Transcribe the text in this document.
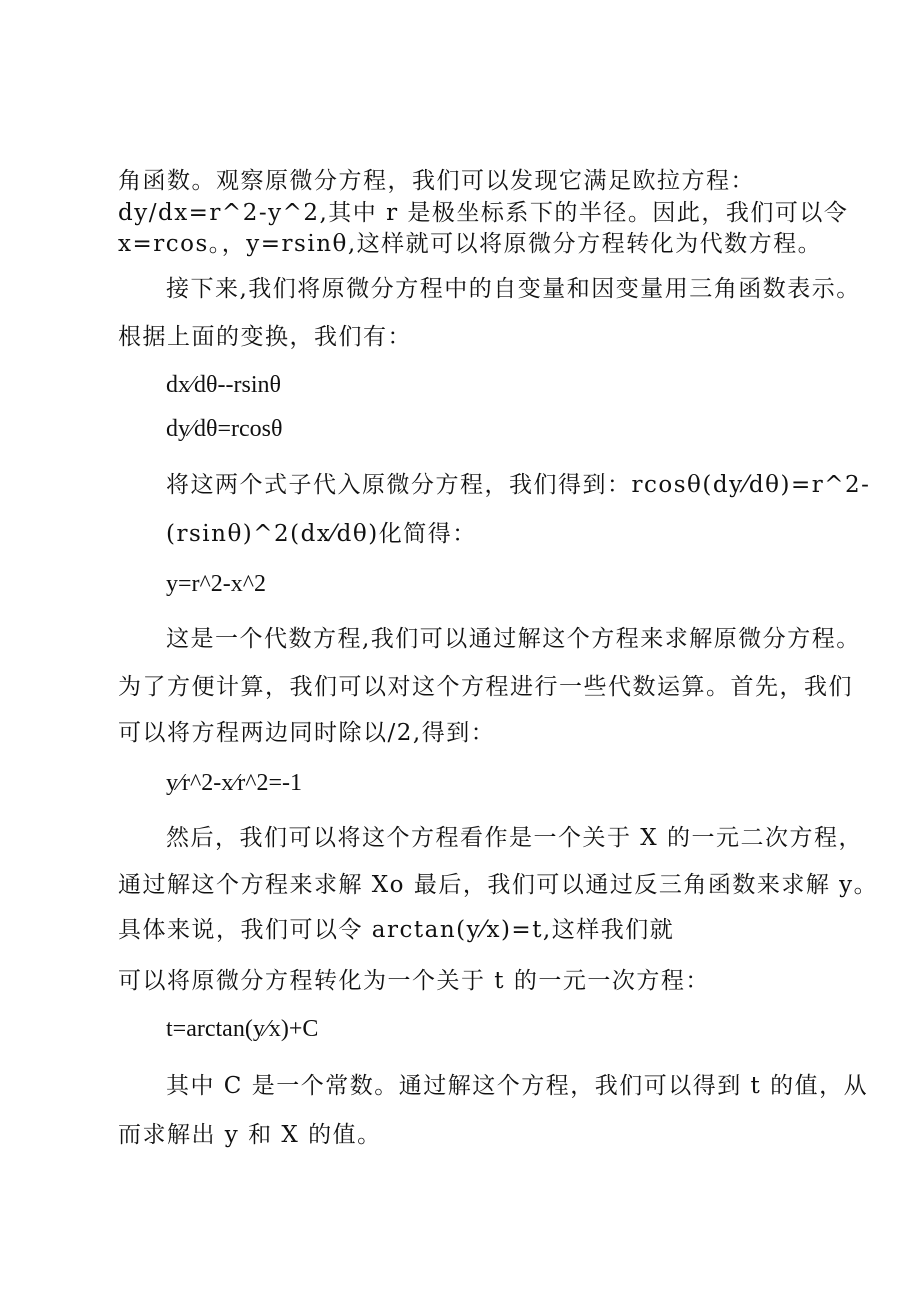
角函数。观察原微分方程，我们可以发现它满足欧拉方程：
dy/dx=r^2-y^2,其中 r 是极坐标系下的半径。因此，我们可以令
x=rcos。，y=rsinθ,这样就可以将原微分方程转化为代数方程。
接下来,我们将原微分方程中的自变量和因变量用三角函数表示。
根据上面的变换，我们有：
dx⁄dθ--rsinθ
dy⁄dθ=rcosθ
将这两个式子代入原微分方程，我们得到：rcosθ(dy⁄dθ)=r^2-
(rsinθ)^2(dx⁄dθ)化简得：
y=r^2-x^2
这是一个代数方程,我们可以通过解这个方程来求解原微分方程。
为了方便计算，我们可以对这个方程进行一些代数运算。首先，我们
可以将方程两边同时除以/2,得到：
y⁄r^2-x⁄r^2=-1
然后，我们可以将这个方程看作是一个关于 X 的一元二次方程，
通过解这个方程来求解 Xo 最后，我们可以通过反三角函数来求解 y。
具体来说，我们可以令 arctan(y⁄x)=t,这样我们就
可以将原微分方程转化为一个关于 t 的一元一次方程：
t=arctan(y⁄x)+C
其中 C 是一个常数。通过解这个方程，我们可以得到 t 的值，从
而求解出 y 和 X 的值。
